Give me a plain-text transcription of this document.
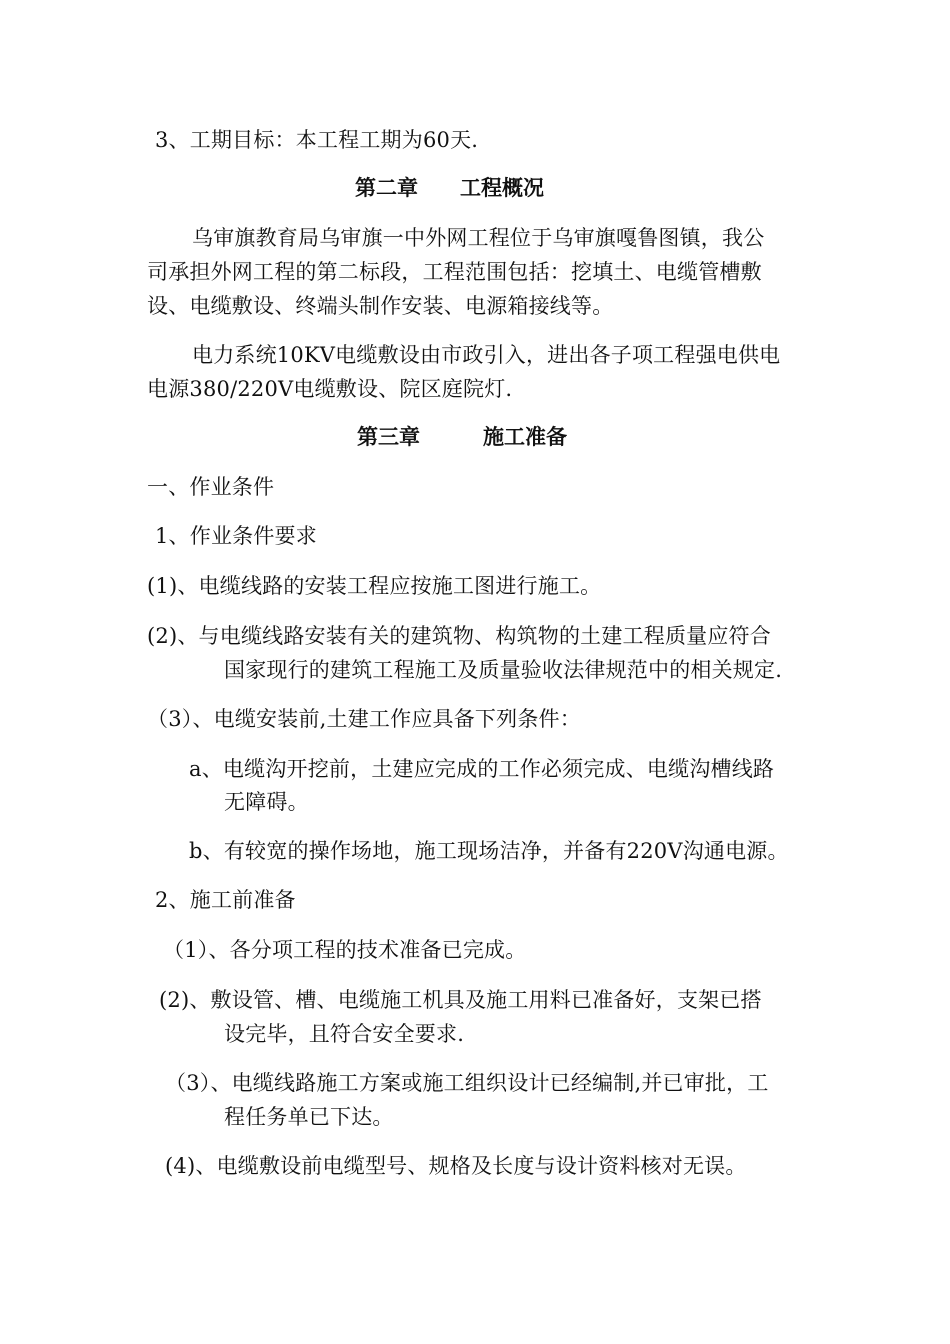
3、工期目标：本工程工期为60天.
第二章　　工程概况
乌审旗教育局乌审旗一中外网工程位于乌审旗嘎鲁图镇，我公
司承担外网工程的第二标段，工程范围包括：挖填土、电缆管槽敷
设、电缆敷设、终端头制作安装、电源箱接线等。
电力系统10KV电缆敷设由市政引入，进出各子项工程强电供电
电源380/220V电缆敷设、院区庭院灯.
第三章　　　施工准备
一、作业条件
1、作业条件要求
(1)、电缆线路的安装工程应按施工图进行施工。
(2)、与电缆线路安装有关的建筑物、构筑物的土建工程质量应符合
国家现行的建筑工程施工及质量验收法律规范中的相关规定.
（3）、电缆安装前,土建工作应具备下列条件：
a、电缆沟开挖前，土建应完成的工作必须完成、电缆沟槽线路
无障碍。
b、有较宽的操作场地，施工现场洁净，并备有220V沟通电源。
2、施工前准备
（1）、各分项工程的技术准备已完成。
(2)、敷设管、槽、电缆施工机具及施工用料已准备好，支架已搭
设完毕，且符合安全要求.
（3）、电缆线路施工方案或施工组织设计已经编制,并已审批，工
程任务单已下达。
(4)、电缆敷设前电缆型号、规格及长度与设计资料核对无误。
